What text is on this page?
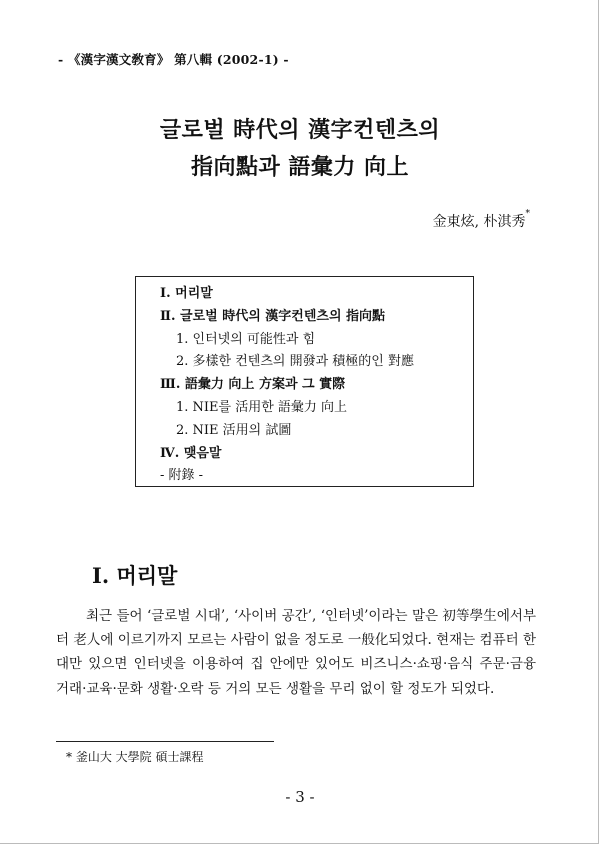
- 《漢字漢文敎育》 第八輯 (2002-1) -
글로벌 時代의 漢字컨텐츠의
指向點과 語彙力 向上
金東炫, 朴淇秀*
Ⅰ. 머리말
Ⅱ. 글로벌 時代의 漢字컨텐츠의 指向點
1. 인터넷의 可能性과 힘
2. 多樣한 컨텐츠의 開發과 積極的인 對應
Ⅲ. 語彙力 向上 方案과 그 實際
1. NIE를 活用한 語彙力 向上
2. NIE 活用의 試圖
Ⅳ. 맺음말
- 附錄 -
Ⅰ. 머리말
최근 들어 ‘글로벌 시대’, ‘사이버 공간’, ‘인터넷’이라는 말은 初等學生에서부터 老人에 이르기까지 모르는 사람이 없을 정도로 一般化되었다. 현재는 컴퓨터 한 대만 있으면 인터넷을 이용하여 집 안에만 있어도 비즈니스·쇼핑·음식 주문·금융 거래·교육·문화 생활·오락 등 거의 모든 생활을 무리 없이 할 정도가 되었다.
* 釜山大 大學院 碩士課程
- 3 -
